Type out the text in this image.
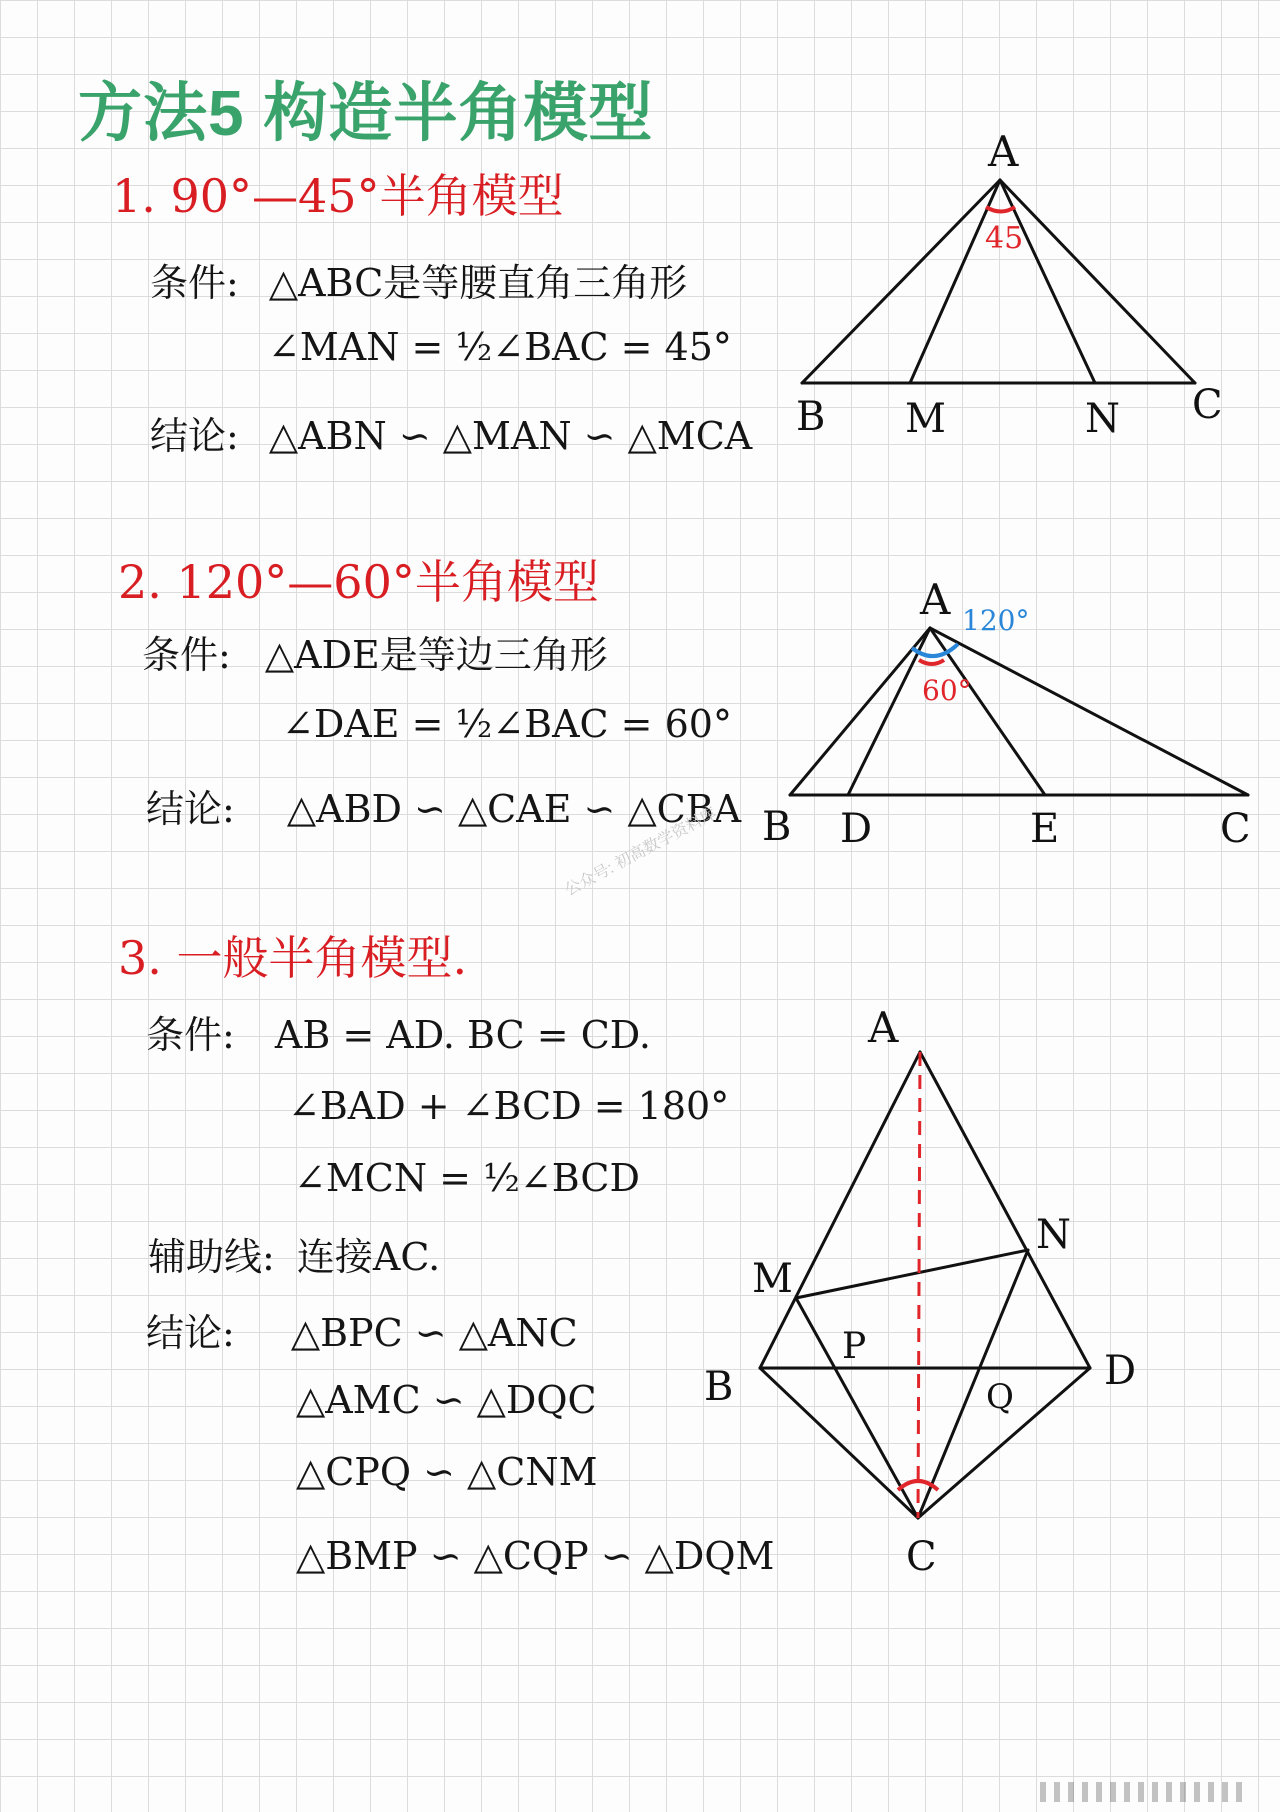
方法5 构造半角模型
1. 90°—45°半角模型
条件: △ABC是等腰直角三角形
∠MAN = ½∠BAC = 45°
结论: △ABN ∽ △MAN ∽ △MCA
45
A
B M	N C
2. 120°—60°半角模型
条件: △ADE是等边三角形
∠DAE = ½∠BAC = 60°
结论: △ABD ∽ △CAE ∽ △CBA
120°
60°
A
B D	E	C
公众号: 初高数学资料库
3. 一般半角模型.
条件: AB = AD. BC = CD.
∠BAD + ∠BCD = 180°
∠MCN = ½∠BCD
辅助线: 连接AC.
结论: △BPC ∽ △ANC
△AMC ∽ △DQC
△CPQ ∽ △CNM
△BMP ∽ △CQP ∽ △DQM
A
B
C
D
M
N
P
Q
